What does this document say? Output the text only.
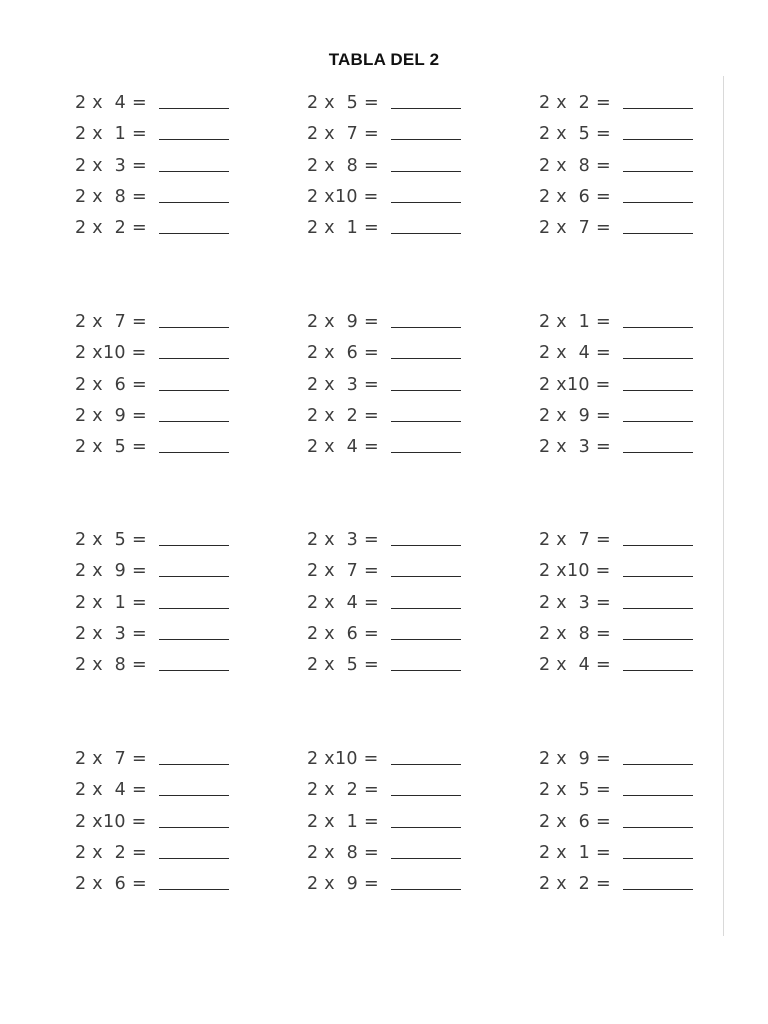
TABLA DEL 2
2 x  4 =
2 x  1 =
2 x  3 =
2 x  8 =
2 x  2 =
2 x  5 =
2 x  7 =
2 x  8 =
2 x10 =
2 x  1 =
2 x  2 =
2 x  5 =
2 x  8 =
2 x  6 =
2 x  7 =
2 x  7 =
2 x10 =
2 x  6 =
2 x  9 =
2 x  5 =
2 x  9 =
2 x  6 =
2 x  3 =
2 x  2 =
2 x  4 =
2 x  1 =
2 x  4 =
2 x10 =
2 x  9 =
2 x  3 =
2 x  5 =
2 x  9 =
2 x  1 =
2 x  3 =
2 x  8 =
2 x  3 =
2 x  7 =
2 x  4 =
2 x  6 =
2 x  5 =
2 x  7 =
2 x10 =
2 x  3 =
2 x  8 =
2 x  4 =
2 x  7 =
2 x  4 =
2 x10 =
2 x  2 =
2 x  6 =
2 x10 =
2 x  2 =
2 x  1 =
2 x  8 =
2 x  9 =
2 x  9 =
2 x  5 =
2 x  6 =
2 x  1 =
2 x  2 =
